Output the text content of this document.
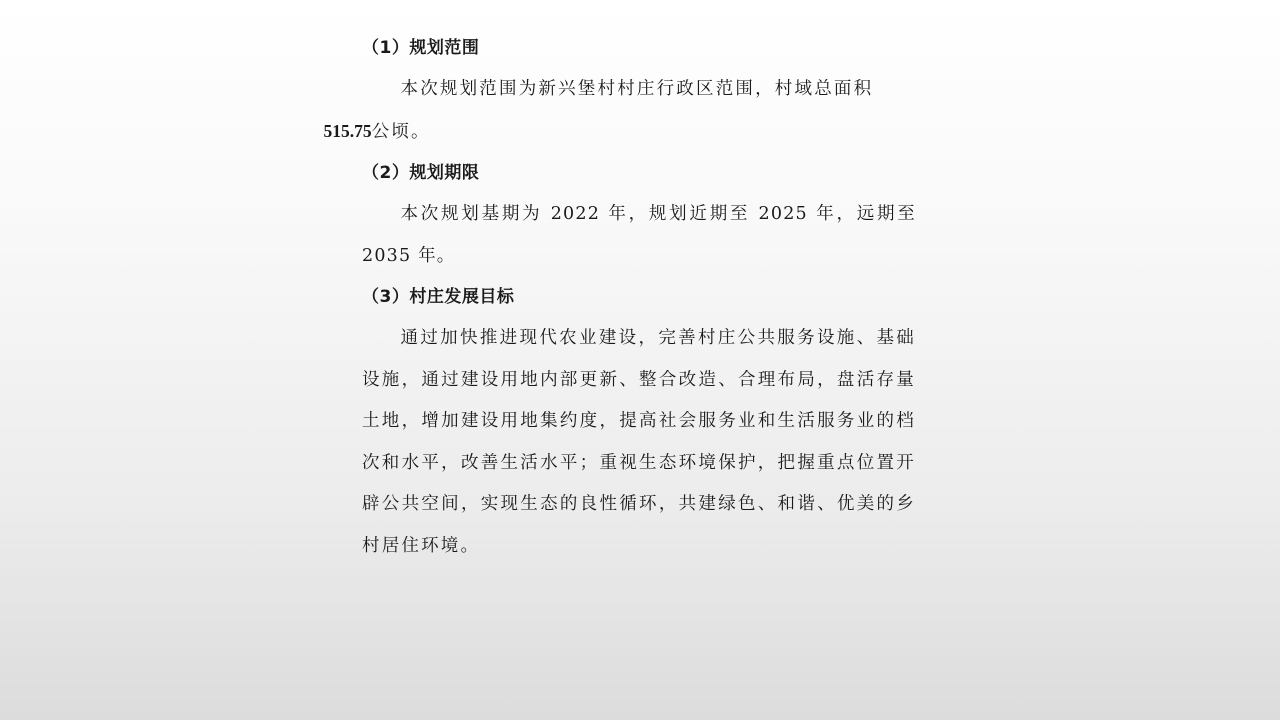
（1）规划范围

本次规划范围为新兴堡村村庄行政区范围，村域总面积
515.75公顷。

（2）规划期限

本次规划基期为 2022 年，规划近期至 2025 年，远期至 2035 年。

（3）村庄发展目标

通过加快推进现代农业建设，完善村庄公共服务设施、基础设施，通过建设用地内部更新、整合改造、合理布局，盘活存量土地，增加建设用地集约度，提高社会服务业和生活服务业的档次和水平，改善生活水平；重视生态环境保护，把握重点位置开辟公共空间，实现生态的良性循环，共建绿色、和谐、优美的乡村居住环境。
